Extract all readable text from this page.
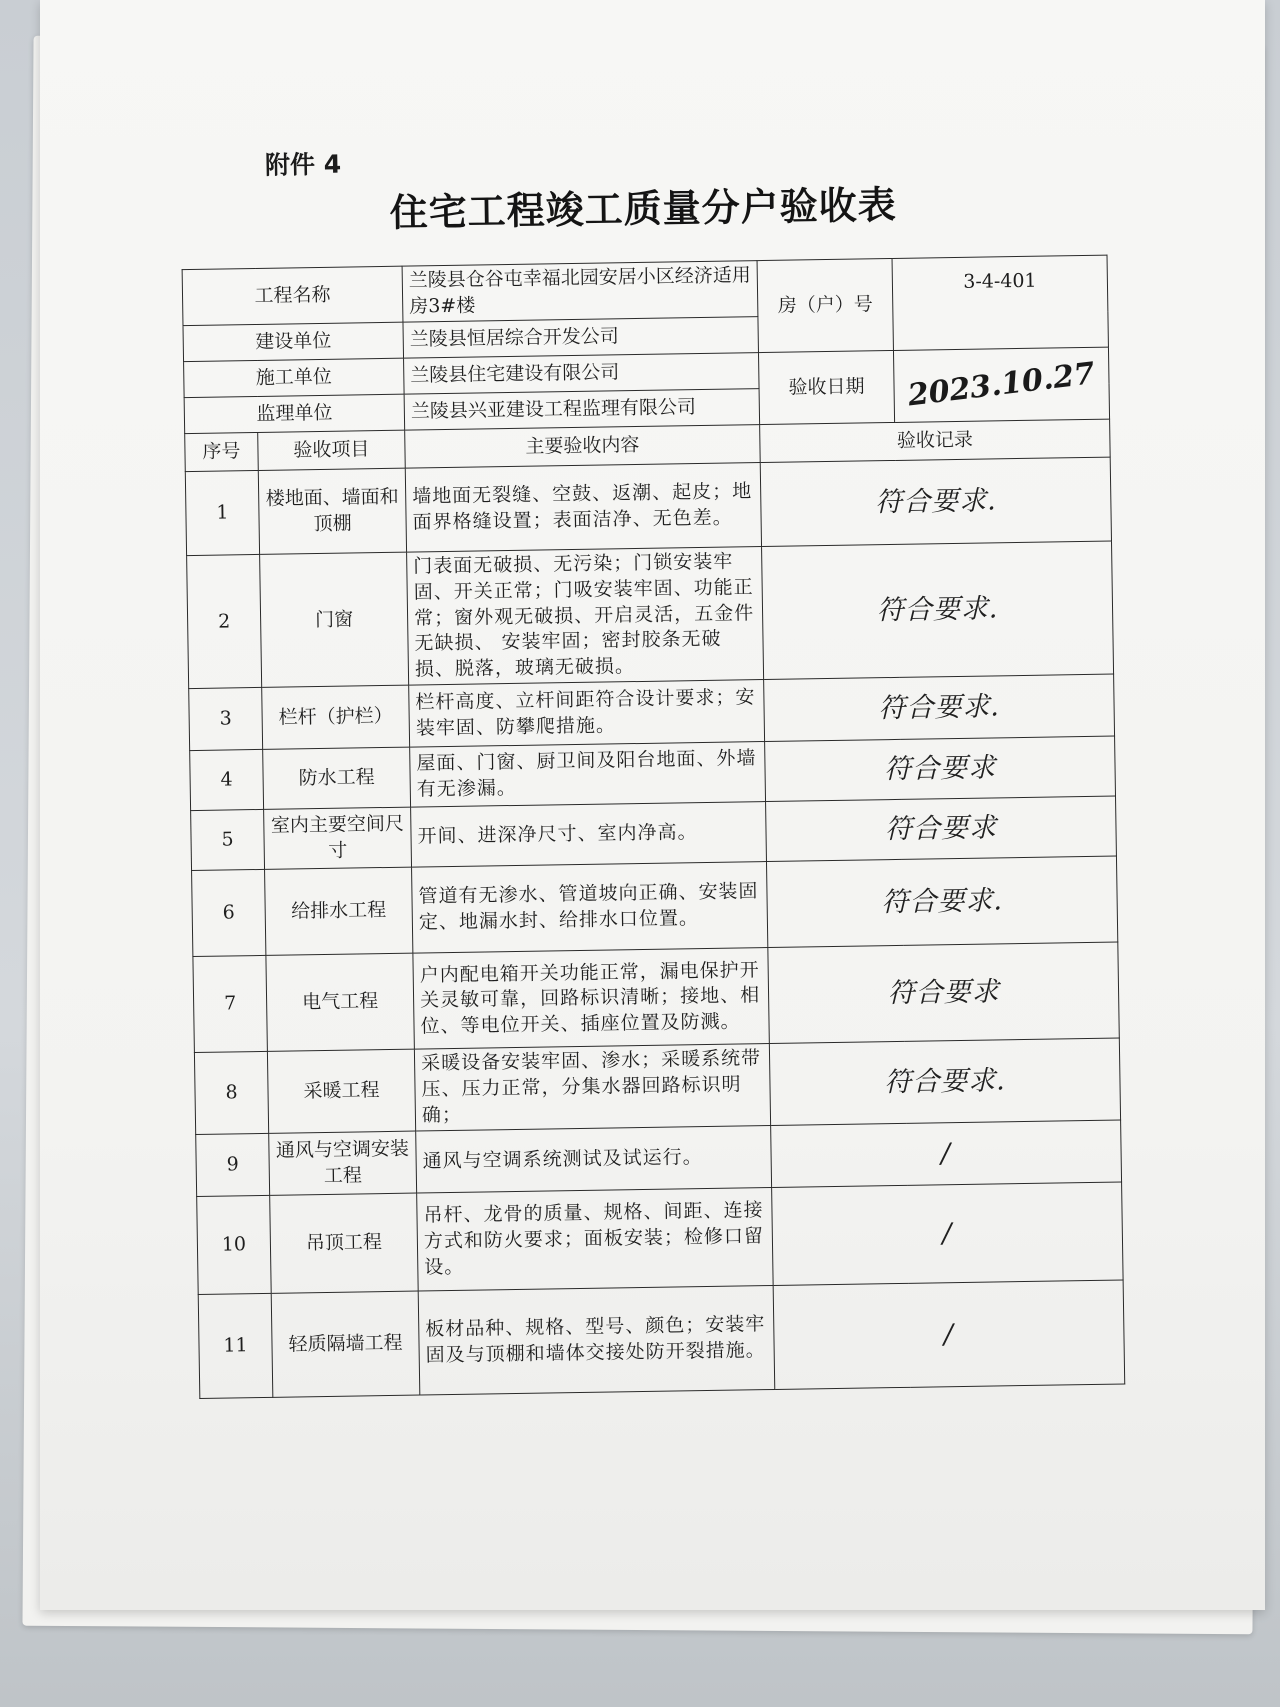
附件 4
住宅工程竣工质量分户验收表
工程名称		兰陵县仓谷屯幸福北园安居小区经济适用房3#楼	房（户）号	3-4-401
建设单位		兰陵县恒居综合开发公司		
施工单位		兰陵县住宅建设有限公司	验收日期	2023.10.27
监理单位		兰陵县兴亚建设工程监理有限公司		
序号	验收项目	主要验收内容	验收记录	
1	楼地面、墙面和顶棚	墙地面无裂缝、空鼓、返潮、起皮；地面界格缝设置；表面洁净、无色差。	符合要求.	
2	门窗	门表面无破损、无污染；门锁安装牢固、开关正常；门吸安装牢固、功能正常；窗外观无破损、开启灵活，五金件无缺损、 安装牢固；密封胶条无破损、脱落，玻璃无破损。	符合要求.	
3	栏杆（护栏）	栏杆高度、立杆间距符合设计要求；安装牢固、防攀爬措施。	符合要求.	
4	防水工程	屋面、门窗、厨卫间及阳台地面、外墙有无渗漏。	符合要求	
5	室内主要空间尺寸	开间、进深净尺寸、室内净高。	符合要求	
6	给排水工程	管道有无渗水、管道坡向正确、安装固定、地漏水封、给排水口位置。	符合要求.	
7	电气工程	户内配电箱开关功能正常，漏电保护开关灵敏可靠，回路标识清晰；接地、相位、等电位开关、插座位置及防溅。	符合要求	
8	采暖工程	采暖设备安装牢固、渗水；采暖系统带压、压力正常，分集水器回路标识明确；	符合要求.	
9	通风与空调安装工程	通风与空调系统测试及试运行。	/	
10	吊顶工程	吊杆、龙骨的质量、规格、间距、连接方式和防火要求；面板安装；检修口留设。	/	
11	轻质隔墙工程	板材品种、规格、型号、颜色；安装牢固及与顶棚和墙体交接处防开裂措施。	/	
